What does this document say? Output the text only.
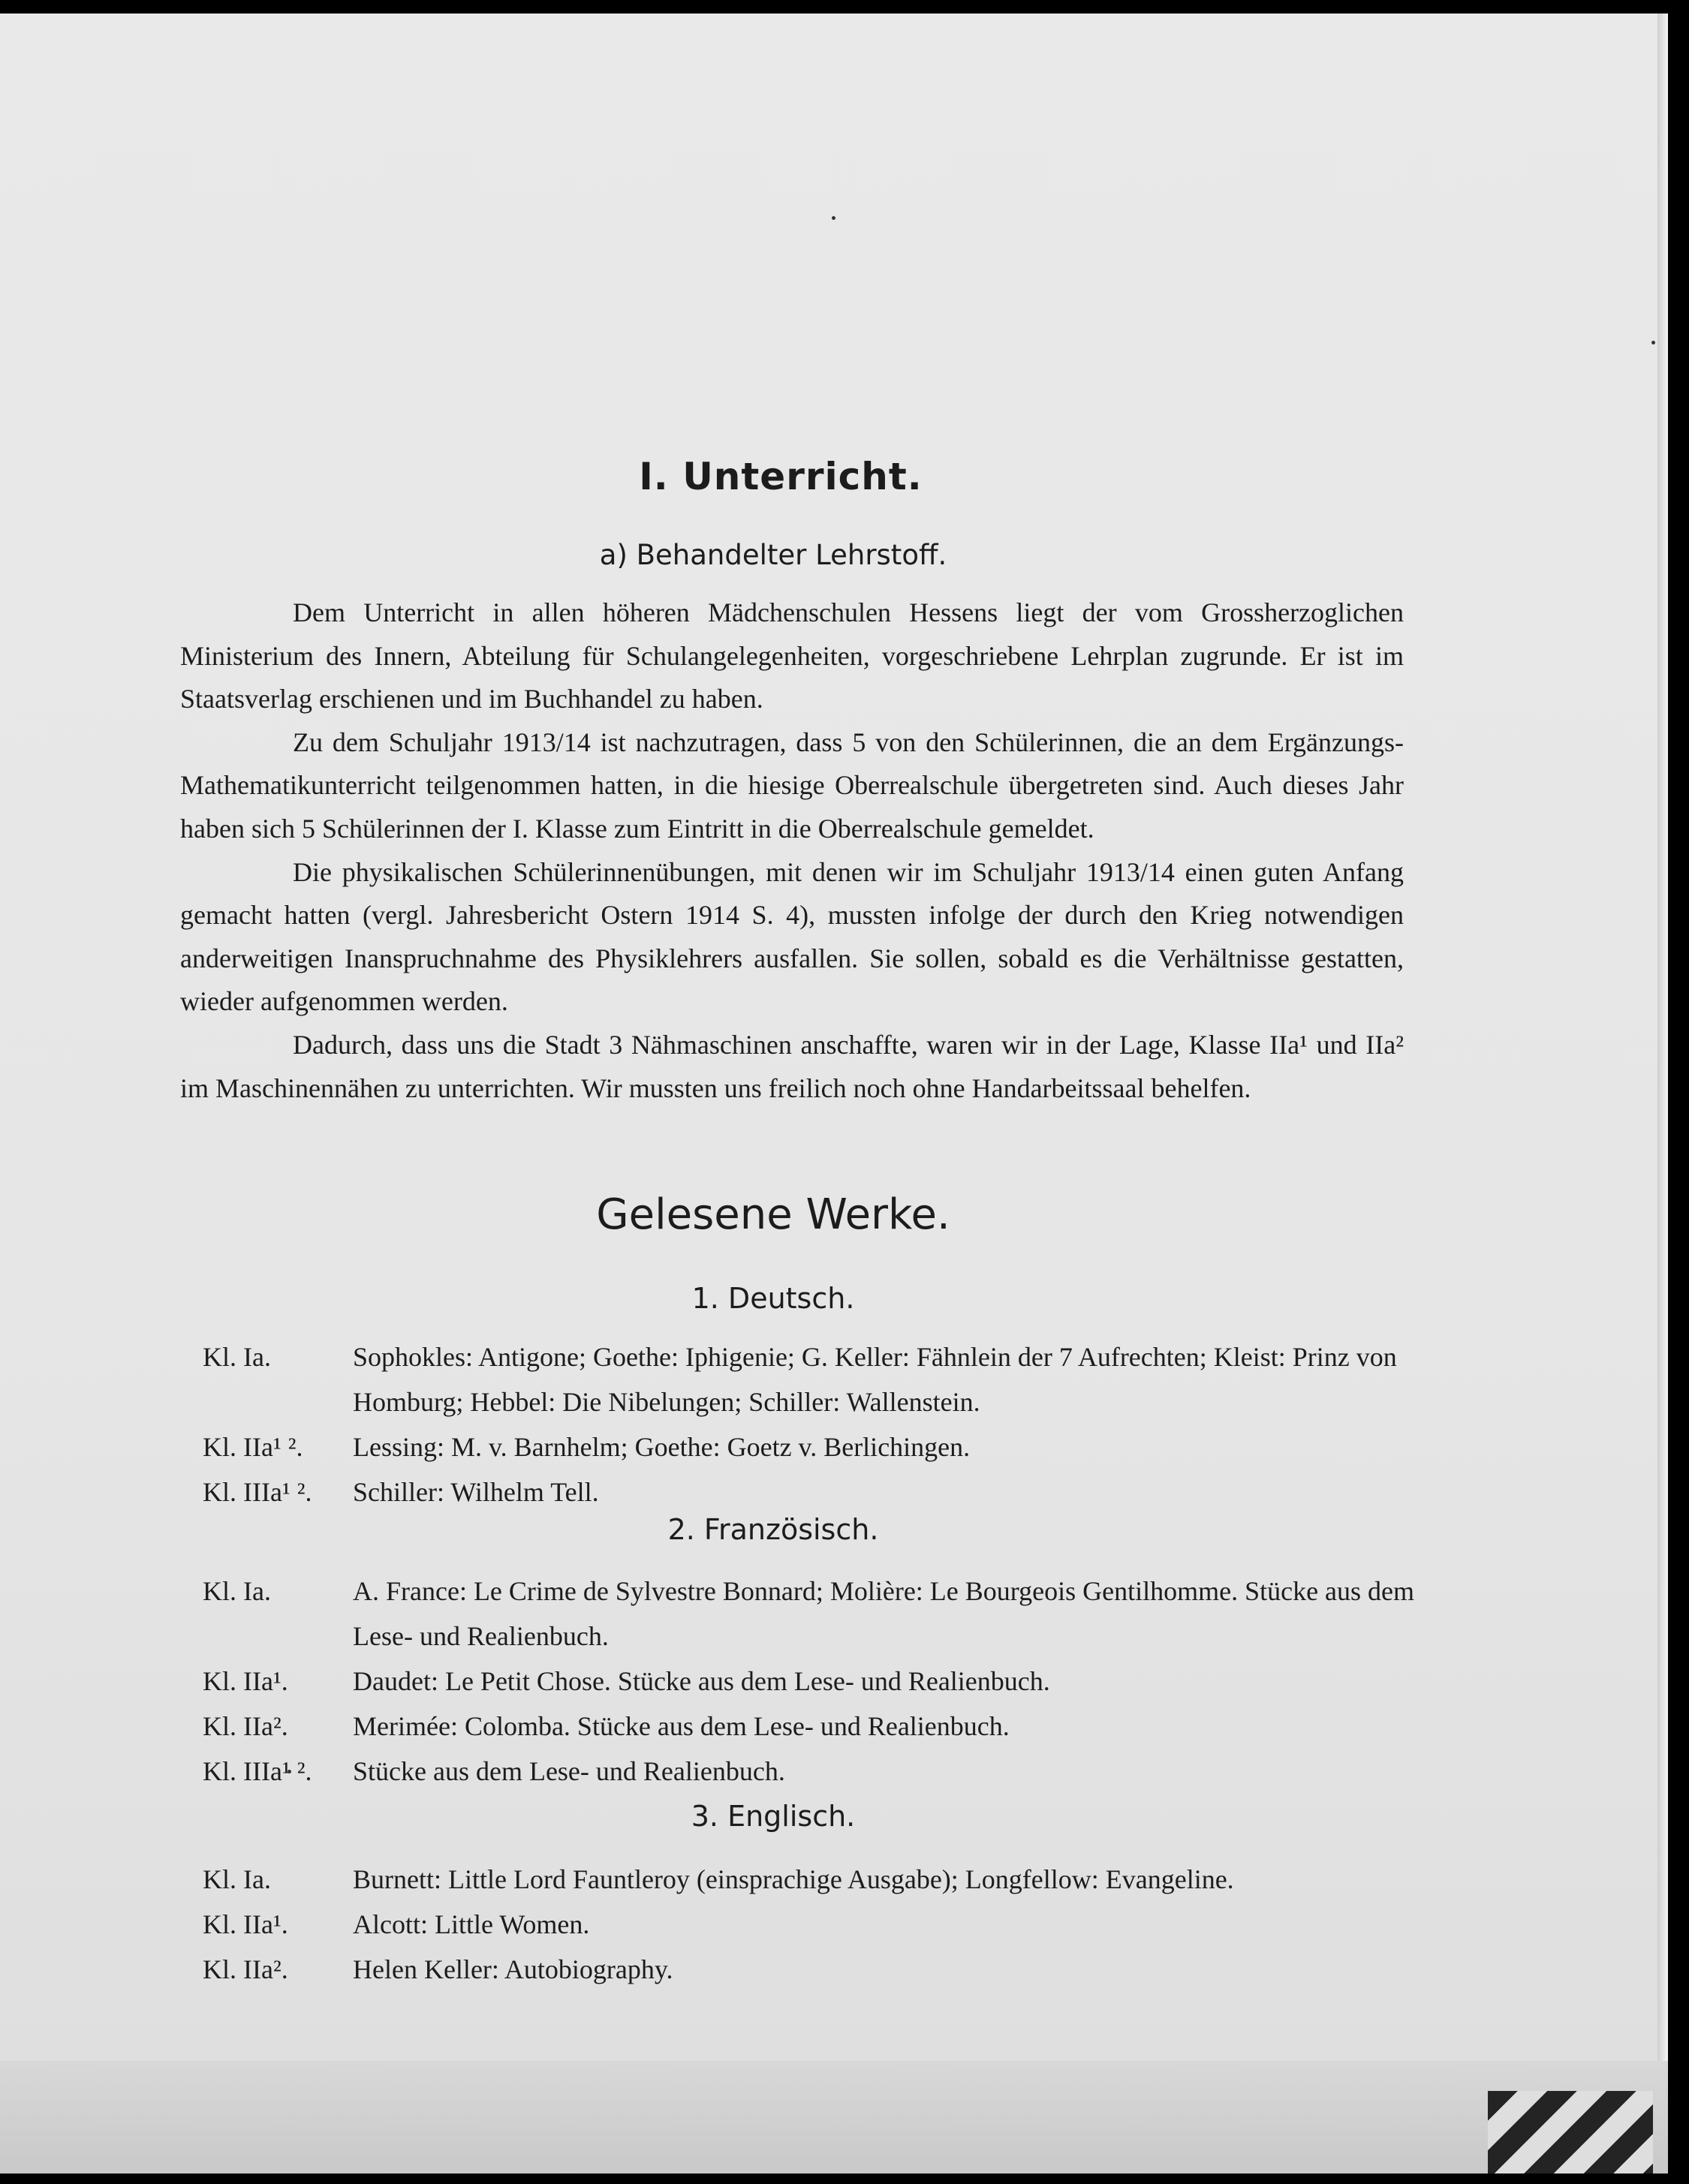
I. Unterricht.
a) Behandelter Lehrstoff.

Dem Unterricht in allen höheren Mädchenschulen Hessens liegt der vom Grossherzoglichen Ministerium des Innern, Abteilung für Schulangelegenheiten, vorgeschriebene Lehrplan zugrunde. Er ist im Staatsverlag erschienen und im Buchhandel zu haben.

Zu dem Schuljahr 1913/14 ist nachzutragen, dass 5 von den Schülerinnen, die an dem Ergänzungs-Mathematikunterricht teilgenommen hatten, in die hiesige Oberrealschule übergetreten sind. Auch dieses Jahr haben sich 5 Schülerinnen der I. Klasse zum Eintritt in die Oberrealschule gemeldet.

Die physikalischen Schülerinnenübungen, mit denen wir im Schuljahr 1913/14 einen guten Anfang gemacht hatten (vergl. Jahresbericht Ostern 1914 S. 4), mussten infolge der durch den Krieg notwendigen anderweitigen Inanspruchnahme des Physiklehrers ausfallen. Sie sollen, sobald es die Verhältnisse gestatten, wieder aufgenommen werden.

Dadurch, dass uns die Stadt 3 Nähmaschinen anschaffte, waren wir in der Lage, Klasse IIa¹ und IIa² im Maschinennähen zu unterrichten. Wir mussten uns freilich noch ohne Handarbeitssaal behelfen.

Gelesene Werke.
1. Deutsch.
Kl. Ia.	Sophokles: Antigone; Goethe: Iphigenie; G. Keller: Fähnlein der 7 Aufrechten; Kleist: Prinz von Homburg; Hebbel: Die Nibelungen; Schiller: Wallenstein.
Kl. IIa¹ ².	Lessing: M. v. Barnhelm; Goethe: Goetz v. Berlichingen.
Kl. IIIa¹ ².	Schiller: Wilhelm Tell.
2. Französisch.
Kl. Ia.	A. France: Le Crime de Sylvestre Bonnard; Molière: Le Bourgeois Gentilhomme. Stücke aus dem Lese- und Realienbuch.
Kl. IIa¹.	Daudet: Le Petit Chose. Stücke aus dem Lese- und Realienbuch.
Kl. IIa².	Merimée: Colomba. Stücke aus dem Lese- und Realienbuch.
Kl. IIIa¹ ².	Stücke aus dem Lese- und Realienbuch.
3. Englisch.
Kl. Ia.	Burnett: Little Lord Fauntleroy (einsprachige Ausgabe); Longfellow: Evangeline.
Kl. IIa¹.	Alcott: Little Women.
Kl. IIa².	Helen Keller: Autobiography.
